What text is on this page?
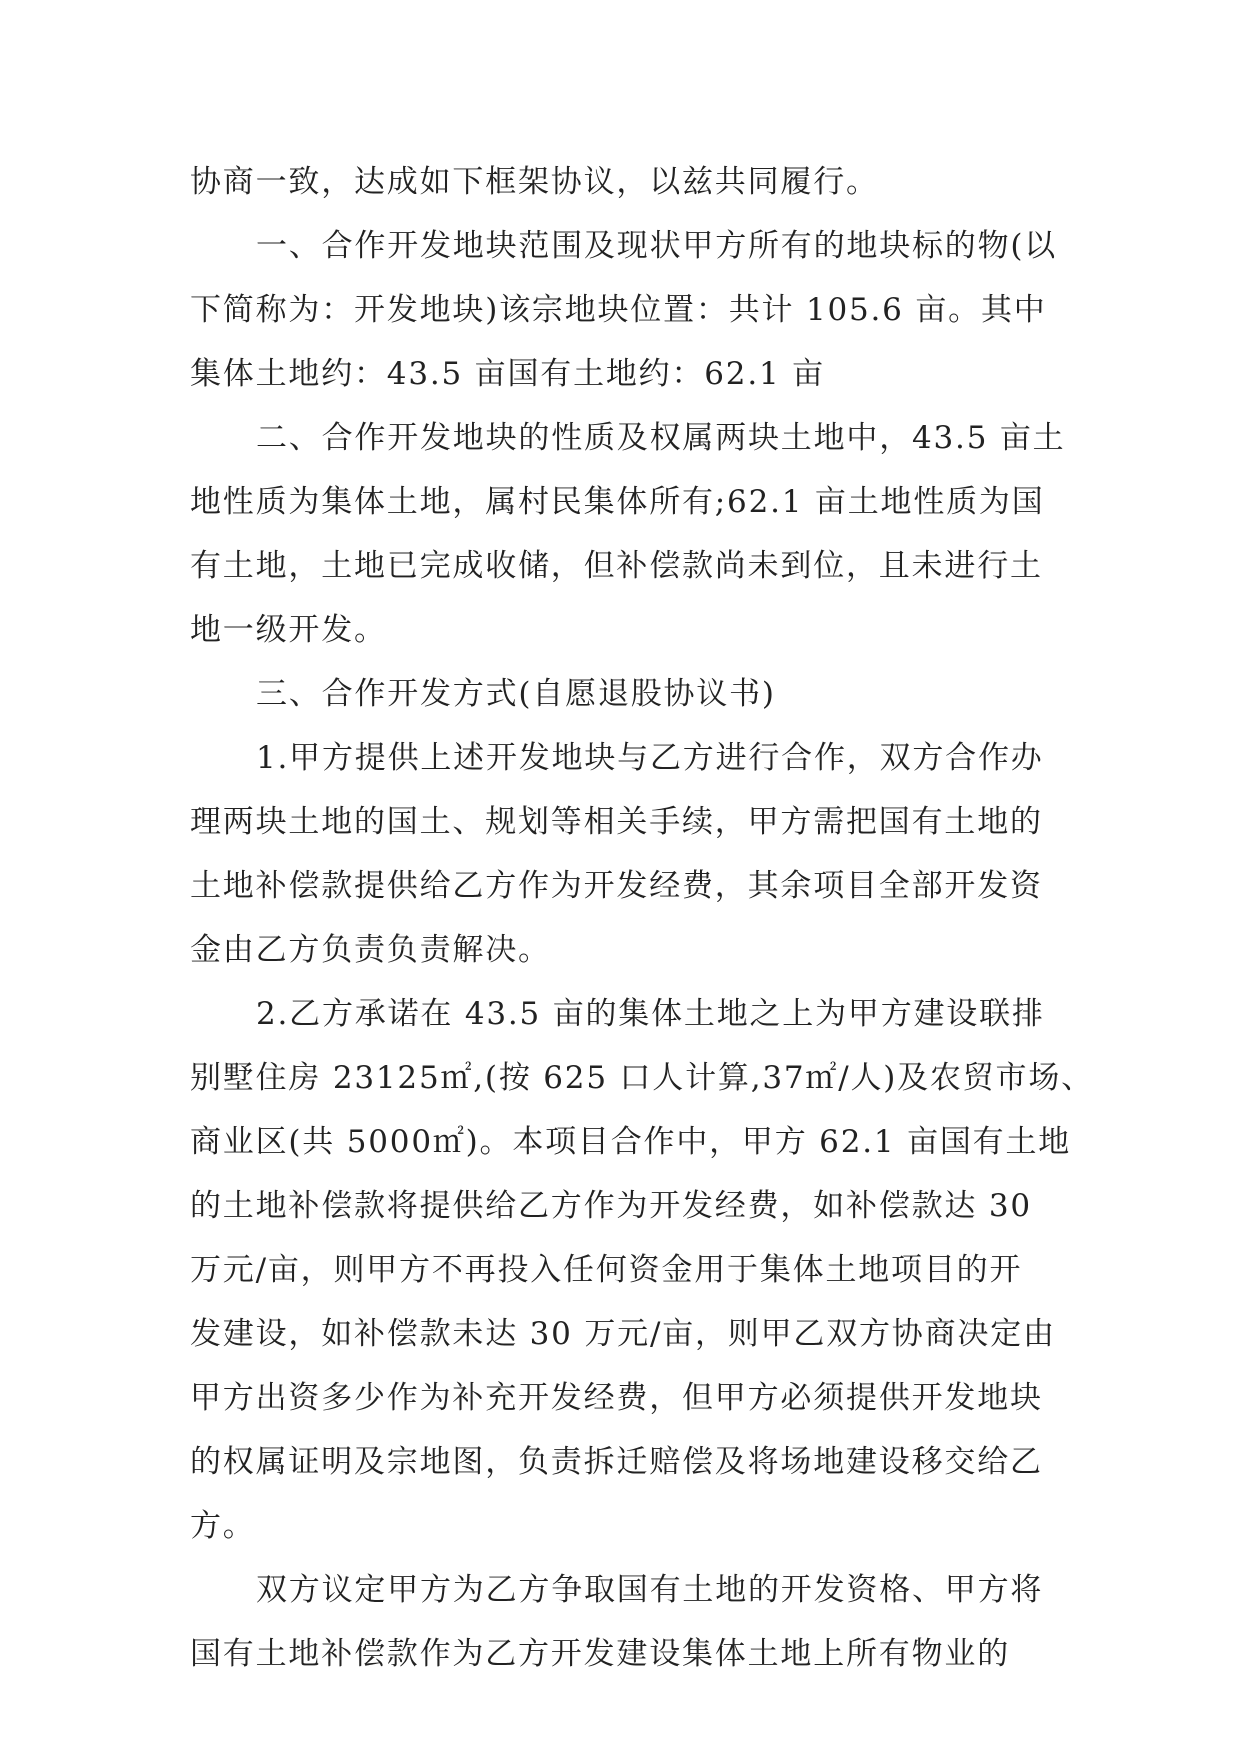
协商一致，达成如下框架协议，以兹共同履行。
一、合作开发地块范围及现状甲方所有的地块标的物(以
下简称为：开发地块)该宗地块位置：共计 105.6 亩。其中
集体土地约：43.5 亩国有土地约：62.1 亩
二、合作开发地块的性质及权属两块土地中，43.5 亩土
地性质为集体土地，属村民集体所有;62.1 亩土地性质为国
有土地，土地已完成收储，但补偿款尚未到位，且未进行土
地一级开发。
三、合作开发方式(自愿退股协议书)
1.甲方提供上述开发地块与乙方进行合作，双方合作办
理两块土地的国土、规划等相关手续，甲方需把国有土地的
土地补偿款提供给乙方作为开发经费，其余项目全部开发资
金由乙方负责负责解决。
2.乙方承诺在 43.5 亩的集体土地之上为甲方建设联排
别墅住房 23125㎡,(按 625 口人计算,37㎡/人)及农贸市场、
商业区(共 5000㎡)。本项目合作中，甲方 62.1 亩国有土地
的土地补偿款将提供给乙方作为开发经费，如补偿款达 30
万元/亩，则甲方不再投入任何资金用于集体土地项目的开
发建设，如补偿款未达 30 万元/亩，则甲乙双方协商决定由
甲方出资多少作为补充开发经费，但甲方必须提供开发地块
的权属证明及宗地图，负责拆迁赔偿及将场地建设移交给乙
方。
双方议定甲方为乙方争取国有土地的开发资格、甲方将
国有土地补偿款作为乙方开发建设集体土地上所有物业的
